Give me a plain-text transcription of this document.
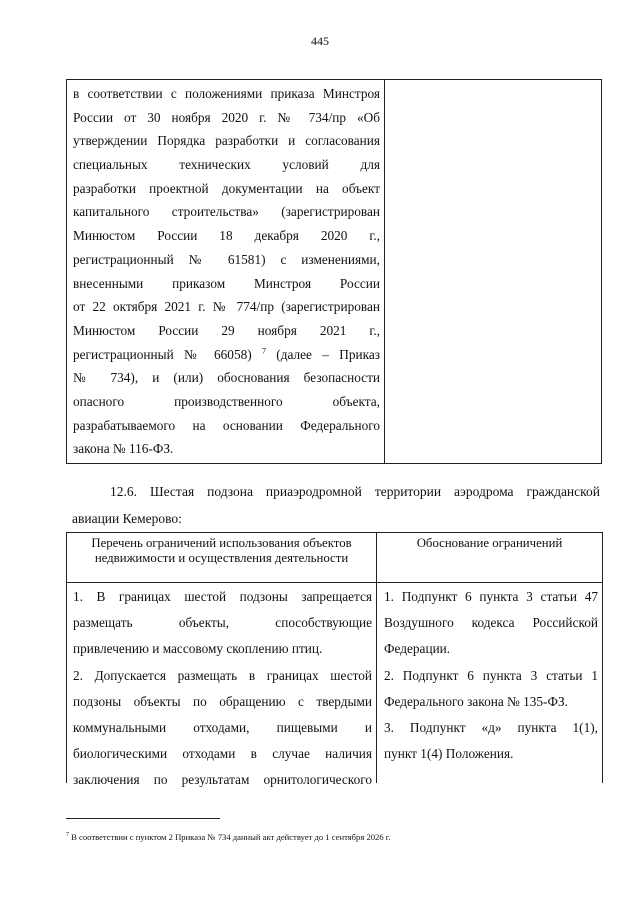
445
в соответствии с положениями приказа Минстроя
России от 30 ноября 2020 г. № 734/пр «Об
утверждении Порядка разработки и согласования
специальных технических условий для
разработки проектной документации на объект
капитального строительства» (зарегистрирован
Минюстом России 18 декабря 2020 г.,
регистрационный № 61581) с изменениями,
внесенными приказом Минстроя России
от 22 октября 2021 г. № 774/пр (зарегистрирован
Минюстом России 29 ноября 2021 г.,
регистрационный № 66058) $^7$ (далее – Приказ
№ 734), и (или) обоснования безопасности
опасного производственного объекта,
разрабатываемого на основании Федерального
закона № 116-ФЗ.
12.6. Шестая подзона приаэродромной территории аэродрома гражданской
авиации Кемерово:
Перечень ограничений использования объектов недвижимости и осуществления деятельности
Обоснование ограничений
1. В границах шестой подзоны запрещается
размещать объекты, способствующие
привлечению и массовому скоплению птиц.
2. Допускается размещать в границах шестой
подзоны объекты по обращению с твердыми
коммунальными отходами, пищевыми и
биологическими отходами в случае наличия
заключения по результатам орнитологического
1. Подпункт 6 пункта 3 статьи 47
Воздушного кодекса Российской
Федерации.
2. Подпункт 6 пункта 3 статьи 1
Федерального закона № 135-ФЗ.
3. Подпункт «д» пункта 1(1),
пункт 1(4) Положения.
$^7$ В соответствии с пунктом 2 Приказа № 734 данный акт действует до 1 сентября 2026 г.
